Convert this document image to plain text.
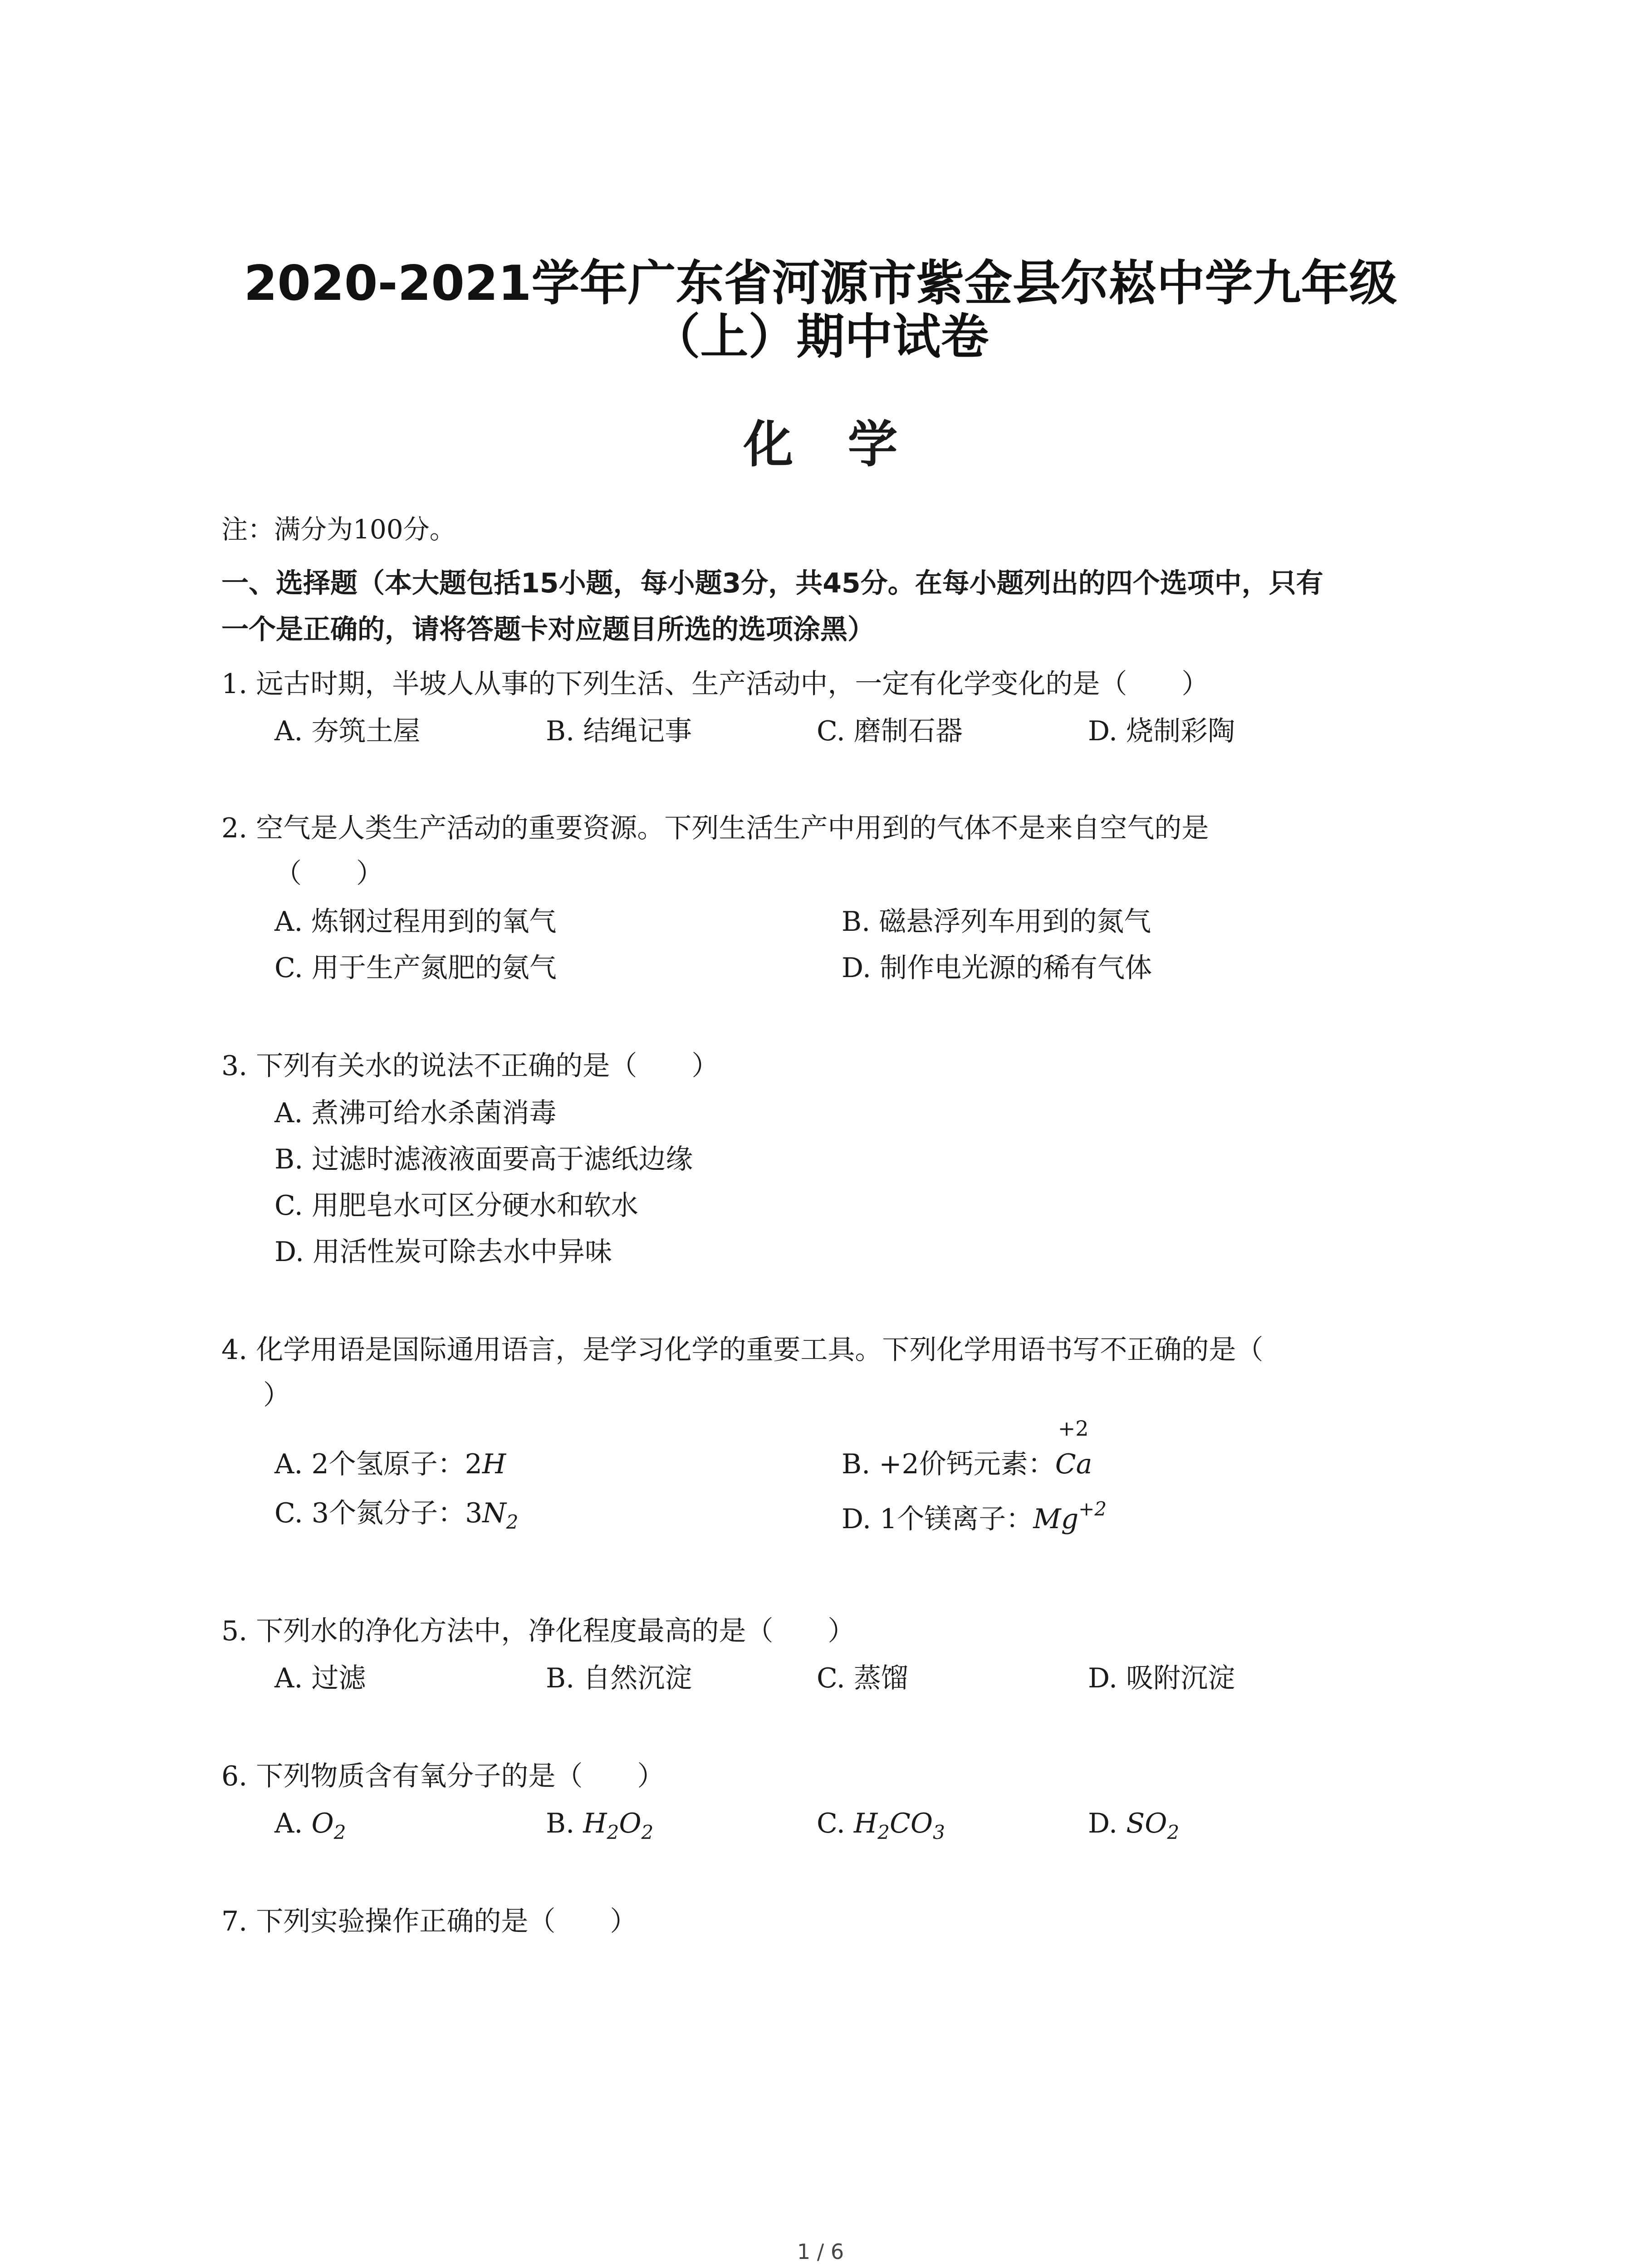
2020-2021学年广东省河源市紫金县尔崧中学九年级
（上）期中试卷
化学
注：满分为100分。
一、选择题（本大题包括15小题，每小题3分，共45分。在每小题列出的四个选项中，只有
一个是正确的，请将答题卡对应题目所选的选项涂黑）
1. 远古时期，半坡人从事的下列生活、生产活动中，一定有化学变化的是（　　）
A. 夯筑土屋	B. 结绳记事	C. 磨制石器	D. 烧制彩陶
2. 空气是人类生产活动的重要资源。下列生活生产中用到的气体不是来自空气的是
（　　）
A. 炼钢过程用到的氧气	B. 磁悬浮列车用到的氮气
C. 用于生产氮肥的氨气	D. 制作电光源的稀有气体
3. 下列有关水的说法不正确的是（　　）
A. 煮沸可给水杀菌消毒
B. 过滤时滤液液面要高于滤纸边缘
C. 用肥皂水可区分硬水和软水
D. 用活性炭可除去水中异味
4. 化学用语是国际通用语言，是学习化学的重要工具。下列化学用语书写不正确的是（
）
A. 2个氢原子：2H	B. +2价钙元素：
+2
Ca
C. 3个氮分子：$3N_2$	D. 1个镁离子：$Mg^{+2}$
5. 下列水的净化方法中，净化程度最高的是（　　）
A. 过滤	B. 自然沉淀	C. 蒸馏	D. 吸附沉淀
6. 下列物质含有氧分子的是（　　）
A. $O_2$	B. $H_2O_2$	C. $H_2CO_3$	D. $SO_2$
7. 下列实验操作正确的是（　　）
1 / 6
